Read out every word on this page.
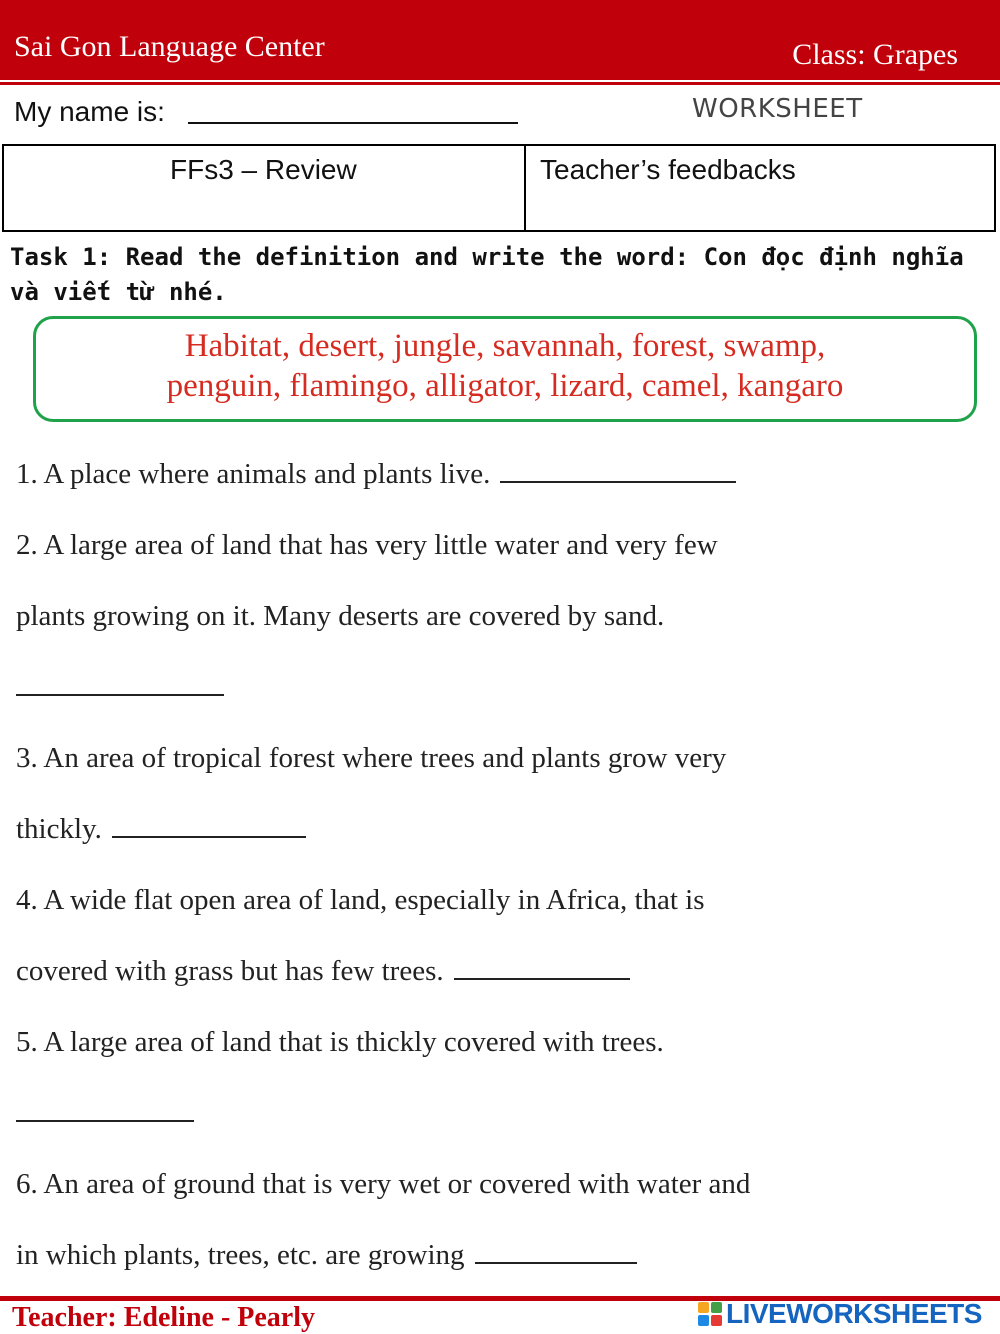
Sai Gon Language Center	Class: Grapes
My name is:	WORKSHEET
FFs3 – Review	Teacher’s feedbacks
Task 1: Read the definition and write the word: Con đọc định nghĩa và viết từ nhé.
Habitat, desert, jungle, savannah, forest, swamp,
penguin, flamingo, alligator, lizard, camel, kangaro
1. A place where animals and plants live.
2. A large area of land that has very little water and very few
plants growing on it. Many deserts are covered by sand.
3. An area of tropical forest where trees and plants grow very
thickly.
4. A wide flat open area of land, especially in Africa, that is
covered with grass but has few trees.
5. A large area of land that is thickly covered with trees.
6. An area of ground that is very wet or covered with water and
in which plants, trees, etc. are growing
Teacher: Edeline - Pearly	LIVEWORKSHEETS
